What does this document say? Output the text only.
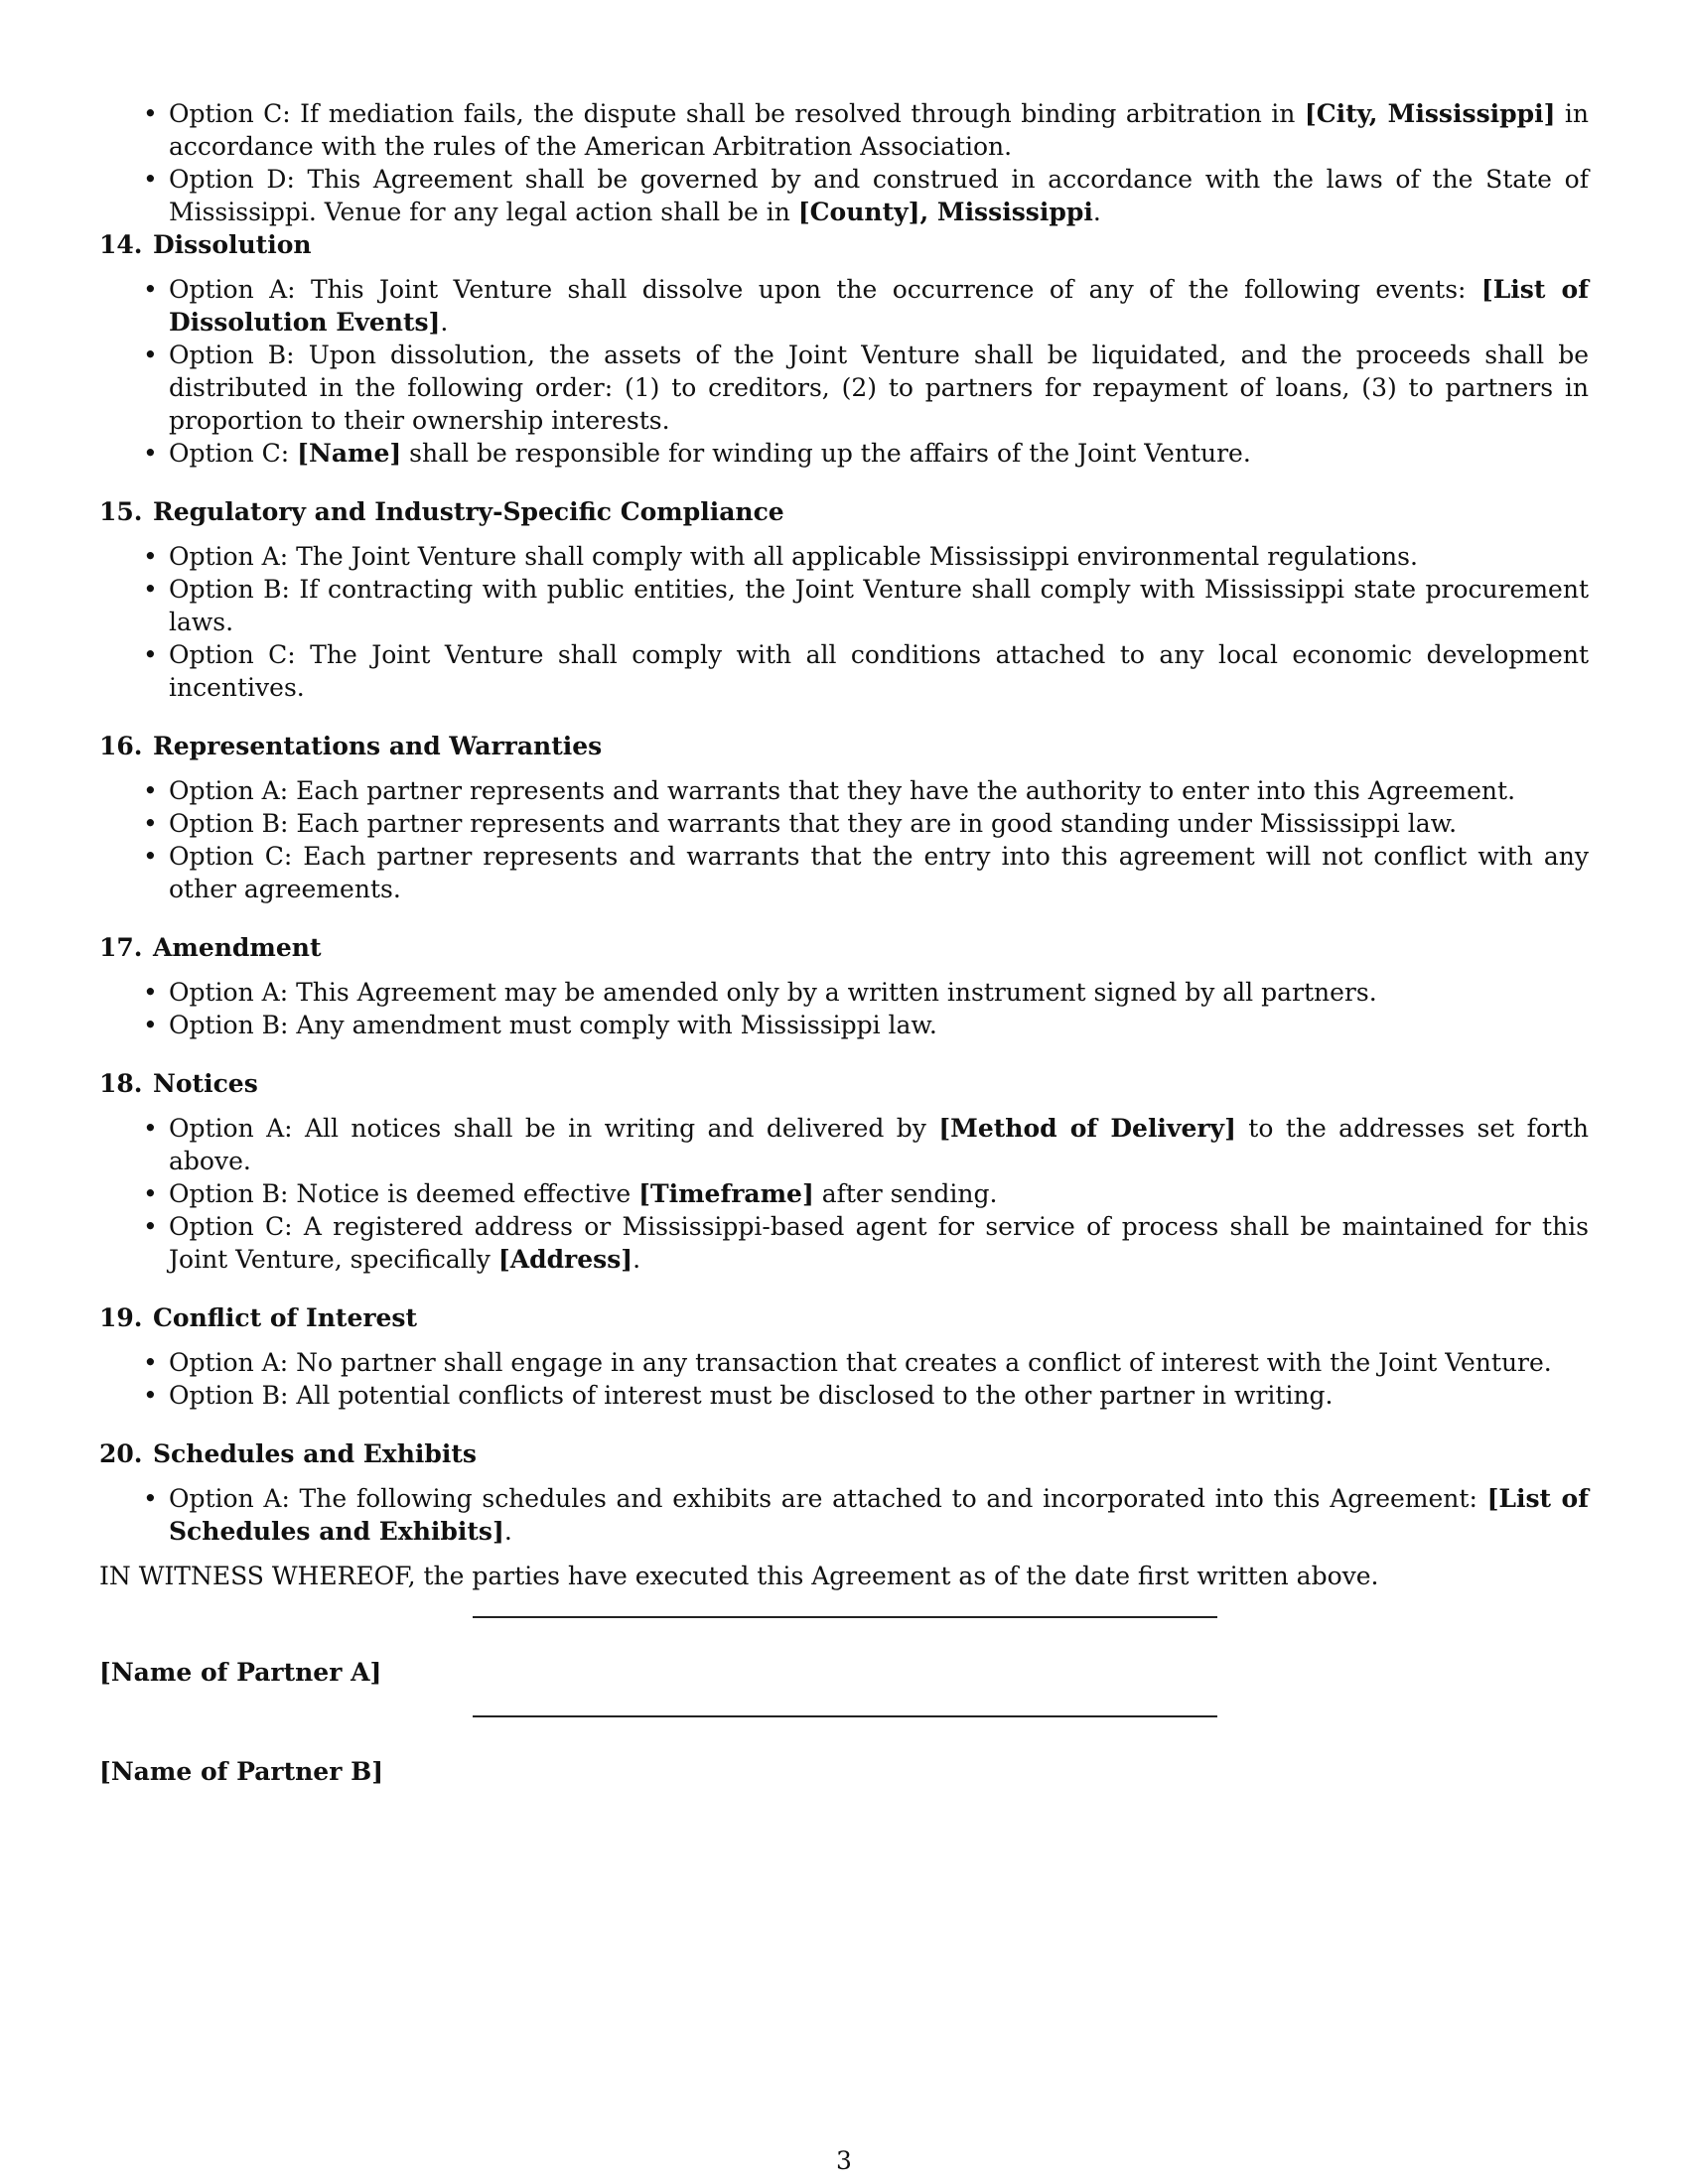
• Option C: If mediation fails, the dispute shall be resolved through binding arbitration in [City, Mississippi] in accordance with the rules of the American Arbitration Association.
• Option D: This Agreement shall be governed by and construed in accordance with the laws of the State of Mississippi. Venue for any legal action shall be in [County], Mississippi.
14. Dissolution
• Option A: This Joint Venture shall dissolve upon the occurrence of any of the following events: [List of Dissolution Events].
• Option B: Upon dissolution, the assets of the Joint Venture shall be liquidated, and the proceeds shall be distributed in the following order: (1) to creditors, (2) to partners for repayment of loans, (3) to partners in proportion to their ownership interests.
• Option C: [Name] shall be responsible for winding up the affairs of the Joint Venture.
15. Regulatory and Industry-Specific Compliance
• Option A: The Joint Venture shall comply with all applicable Mississippi environmental regulations.
• Option B: If contracting with public entities, the Joint Venture shall comply with Mississippi state procurement laws.
• Option C: The Joint Venture shall comply with all conditions attached to any local economic development incentives.
16. Representations and Warranties
• Option A: Each partner represents and warrants that they have the authority to enter into this Agreement.
• Option B: Each partner represents and warrants that they are in good standing under Mississippi law.
• Option C: Each partner represents and warrants that the entry into this agreement will not conflict with any other agreements.
17. Amendment
• Option A: This Agreement may be amended only by a written instrument signed by all partners.
• Option B: Any amendment must comply with Mississippi law.
18. Notices
• Option A: All notices shall be in writing and delivered by [Method of Delivery] to the addresses set forth above.
• Option B: Notice is deemed effective [Timeframe] after sending.
• Option C: A registered address or Mississippi-based agent for service of process shall be maintained for this Joint Venture, specifically [Address].
19. Conflict of Interest
• Option A: No partner shall engage in any transaction that creates a conflict of interest with the Joint Venture.
• Option B: All potential conflicts of interest must be disclosed to the other partner in writing.
20. Schedules and Exhibits
• Option A: The following schedules and exhibits are attached to and incorporated into this Agreement: [List of Schedules and Exhibits].
IN WITNESS WHEREOF, the parties have executed this Agreement as of the date first written above.
[Name of Partner A]
[Name of Partner B]
3
